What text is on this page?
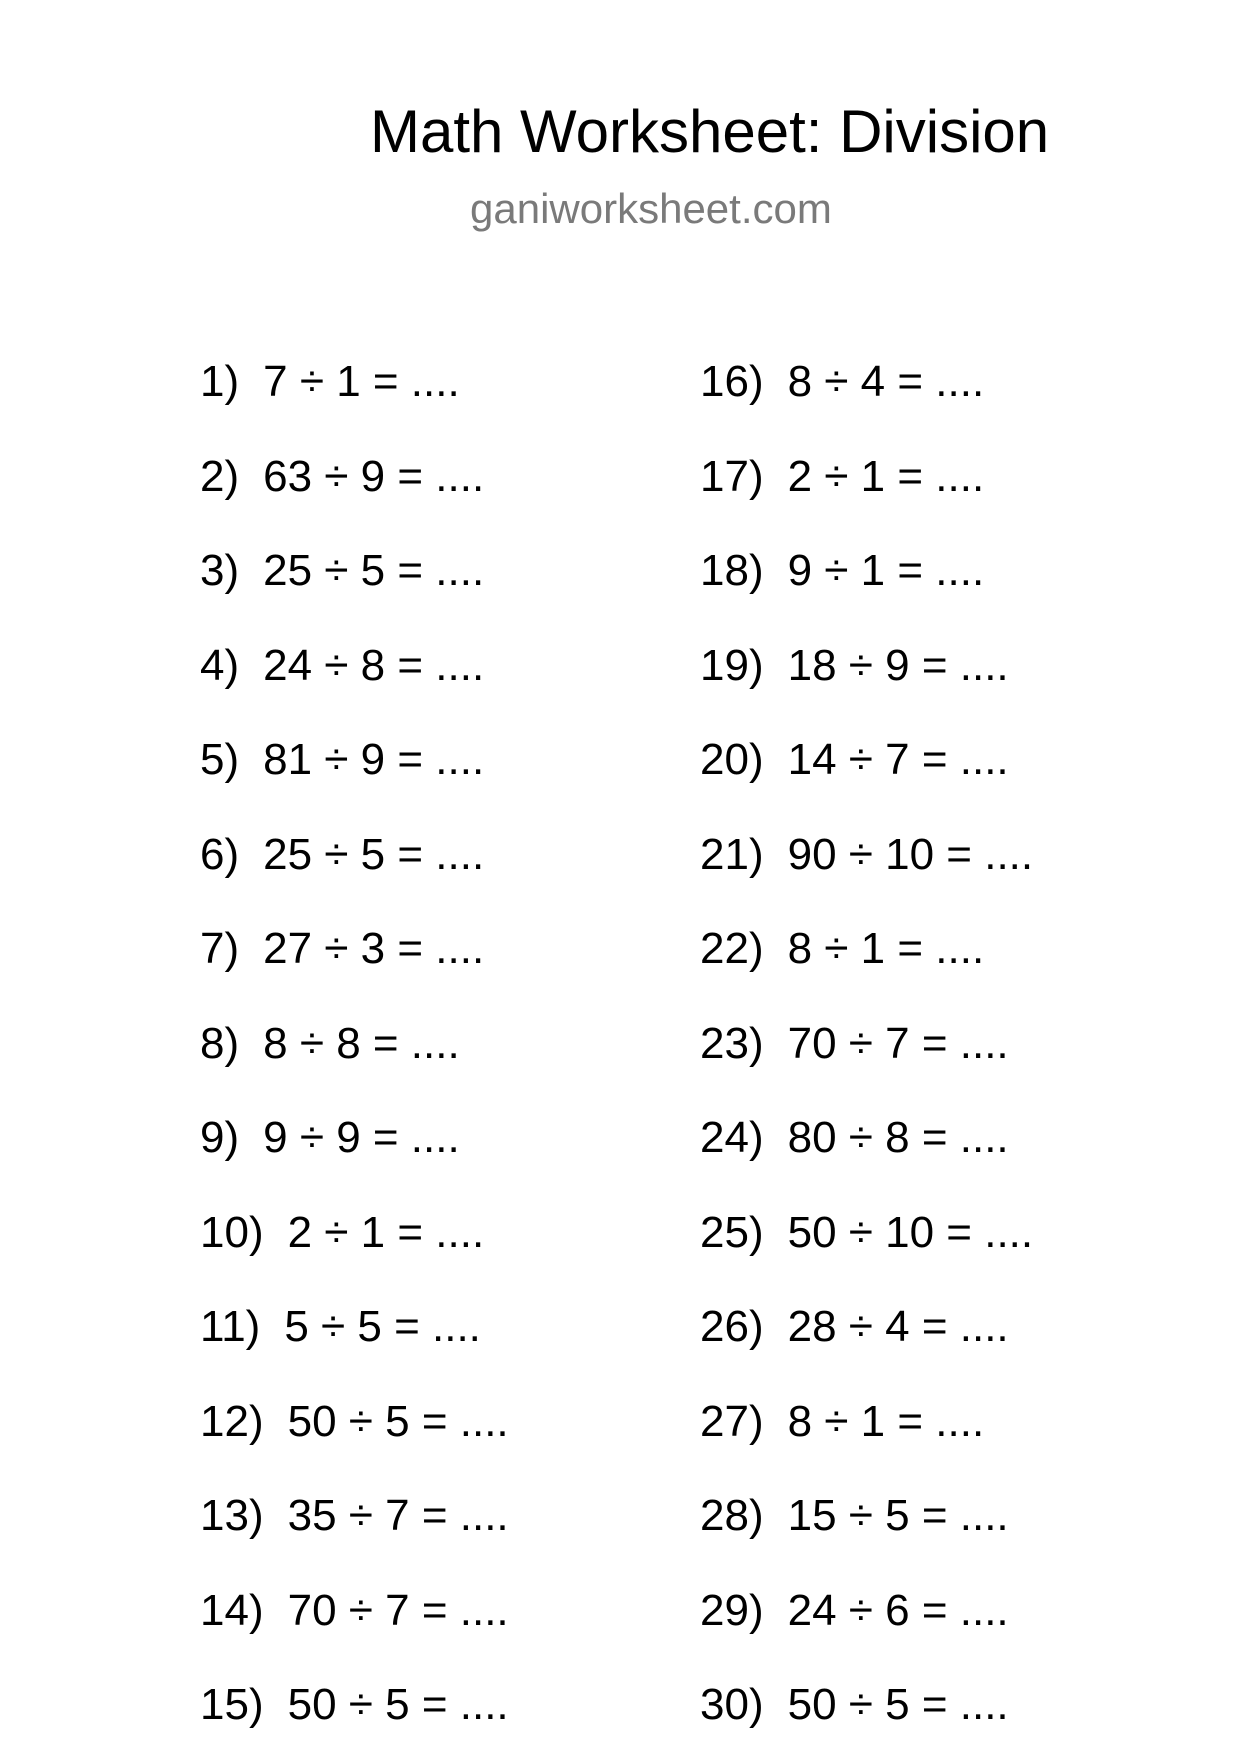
Math Worksheet: Division
ganiworksheet.com
1) 7 ÷ 1 = ....
2) 63 ÷ 9 = ....
3) 25 ÷ 5 = ....
4) 24 ÷ 8 = ....
5) 81 ÷ 9 = ....
6) 25 ÷ 5 = ....
7) 27 ÷ 3 = ....
8) 8 ÷ 8 = ....
9) 9 ÷ 9 = ....
10) 2 ÷ 1 = ....
11) 5 ÷ 5 = ....
12) 50 ÷ 5 = ....
13) 35 ÷ 7 = ....
14) 70 ÷ 7 = ....
15) 50 ÷ 5 = ....
16) 8 ÷ 4 = ....
17) 2 ÷ 1 = ....
18) 9 ÷ 1 = ....
19) 18 ÷ 9 = ....
20) 14 ÷ 7 = ....
21) 90 ÷ 10 = ....
22) 8 ÷ 1 = ....
23) 70 ÷ 7 = ....
24) 80 ÷ 8 = ....
25) 50 ÷ 10 = ....
26) 28 ÷ 4 = ....
27) 8 ÷ 1 = ....
28) 15 ÷ 5 = ....
29) 24 ÷ 6 = ....
30) 50 ÷ 5 = ....
